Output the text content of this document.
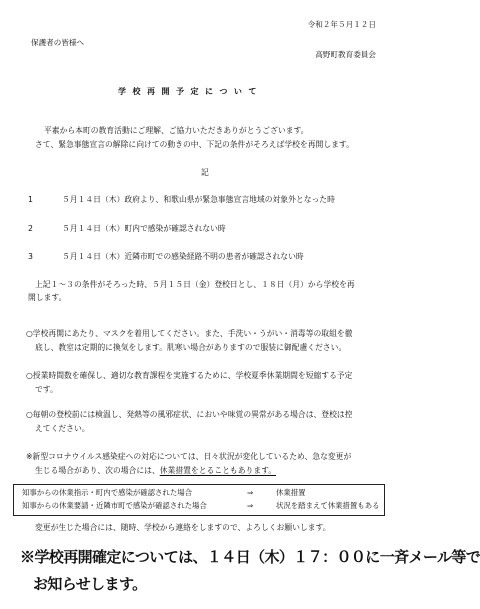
令和２年５月１２日
保護者の皆様へ
高野町教育委員会
学校再開予定について
平素から本町の教育活動にご理解、ご協力いただきありがとうございます。
さて、緊急事態宣言の解除に向けての動きの中、下記の条件がそろえば学校を再開します。
記
1	５月１４日（木）政府より、和歌山県が緊急事態宣言地域の対象外となった時
2	５月１４日（木）町内で感染が確認されない時
3	５月１４日（木）近隣市町での感染経路不明の患者が確認されない時
上記１～３の条件がそろった時、５月１５日（金）登校日とし、１８日（月）から学校を再
開します。
○学校再開にあたり、マスクを着用してください。また、手洗い・うがい・消毒等の取組を徹
底し、教室は定期的に換気をします。肌寒い場合がありますので服装に御配慮ください。
○授業時間数を確保し、適切な教育課程を実施するために、学校夏季休業期間を短縮する予定
です。
○毎朝の登校前には検温し、発熱等の風邪症状、においや味覚の異常がある場合は、登校は控
えてください。
※新型コロナウイルス感染症への対応については、日々状況が変化しているため、急な変更が
生じる場合があり、次の場合には、休業措置をとることもあります。
知事からの休業指示・町内で感染が確認された場合	⇒	休業措置
知事からの休業要請・近隣市町で感染が確認された場合	⇒	状況を踏まえて休業措置もある
変更が生じた場合には、随時、学校から連絡をしますので、よろしくお願いします。
※学校再開確定については、１４日（木）１７：００に一斉メール等で
お知らせします。
